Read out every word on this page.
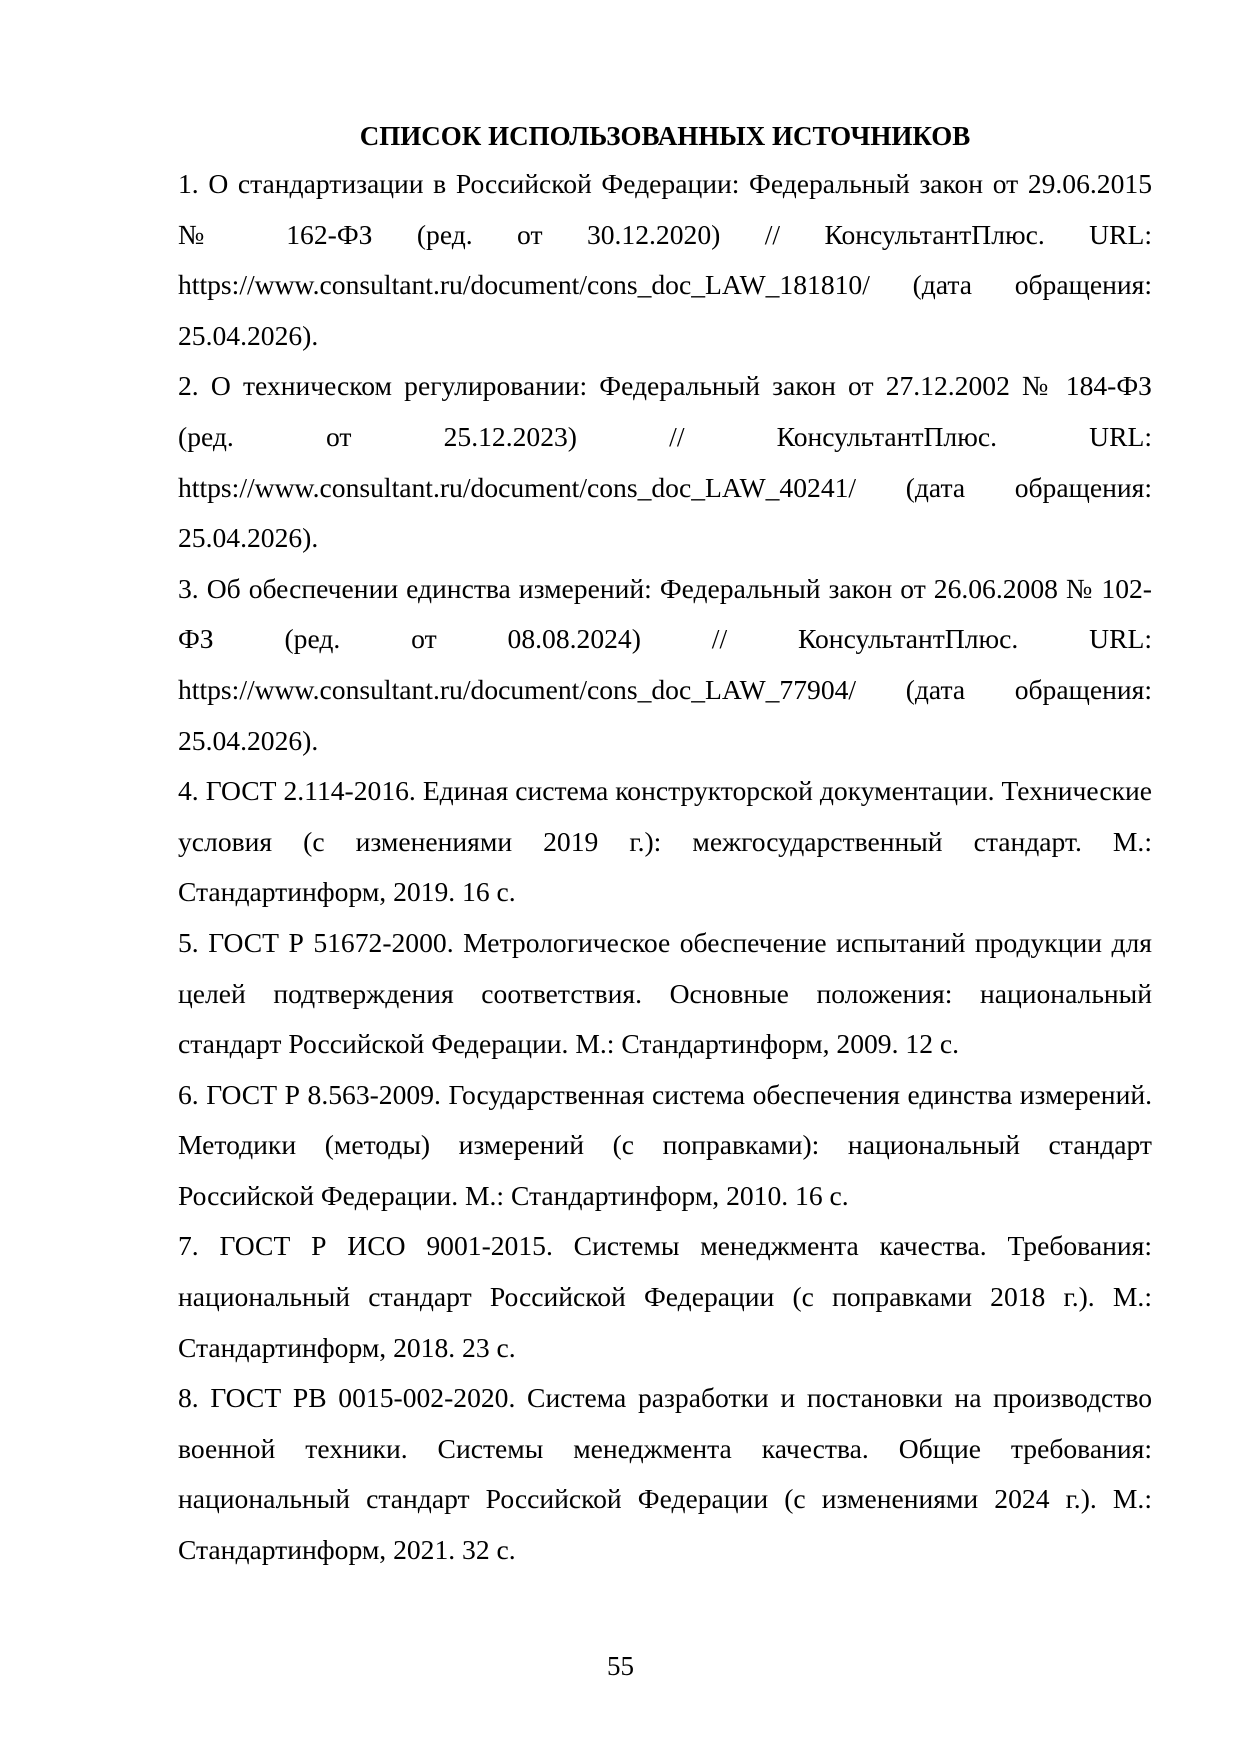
СПИСОК ИСПОЛЬЗОВАННЫХ ИСТОЧНИКОВ

1. О стандартизации в Российской Федерации: Федеральный закон от 29.06.2015 № 162-ФЗ (ред. от 30.12.2020) // КонсультантПлюс. URL: https://www.consultant.ru/document/cons_doc_LAW_181810/ (дата обращения: 25.04.2026).

2. О техническом регулировании: Федеральный закон от 27.12.2002 № 184-ФЗ (ред. от 25.12.2023) // КонсультантПлюс. URL: https://www.consultant.ru/document/cons_doc_LAW_40241/ (дата обращения: 25.04.2026).

3. Об обеспечении единства измерений: Федеральный закон от 26.06.2008 № 102-ФЗ (ред. от 08.08.2024) // КонсультантПлюс. URL: https://www.consultant.ru/document/cons_doc_LAW_77904/ (дата обращения: 25.04.2026).

4. ГОСТ 2.114-2016. Единая система конструкторской документации. Технические условия (с изменениями 2019 г.): межгосударственный стандарт. М.: Стандартинформ, 2019. 16 с.

5. ГОСТ Р 51672-2000. Метрологическое обеспечение испытаний продукции для целей подтверждения соответствия. Основные положения: национальный стандарт Российской Федерации. М.: Стандартинформ, 2009. 12 с.

6. ГОСТ Р 8.563-2009. Государственная система обеспечения единства измерений. Методики (методы) измерений (с поправками): национальный стандарт Российской Федерации. М.: Стандартинформ, 2010. 16 с.

7. ГОСТ Р ИСО 9001-2015. Системы менеджмента качества. Требования: национальный стандарт Российской Федерации (с поправками 2018 г.). М.: Стандартинформ, 2018. 23 с.

8. ГОСТ РВ 0015-002-2020. Система разработки и постановки на производство военной техники. Системы менеджмента качества. Общие требования: национальный стандарт Российской Федерации (с изменениями 2024 г.). М.: Стандартинформ, 2021. 32 с.

55
